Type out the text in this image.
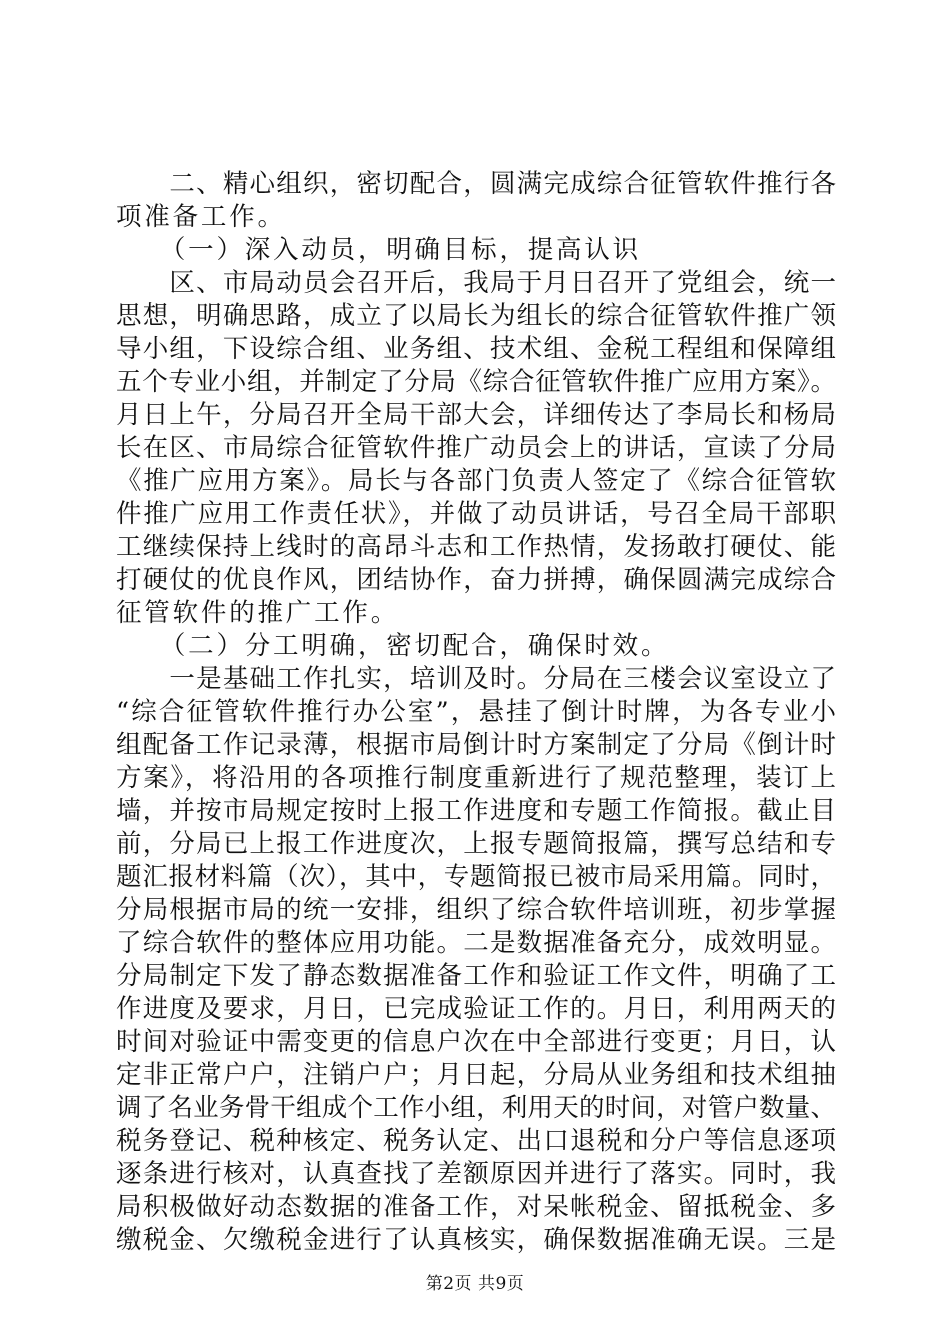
　　二、精心组织，密切配合，圆满完成综合征管软件推行各
项准备工作。
　　（一）深入动员，明确目标，提高认识
　　区、市局动员会召开后，我局于月日召开了党组会，统一
思想，明确思路，成立了以局长为组长的综合征管软件推广领
导小组，下设综合组、业务组、技术组、金税工程组和保障组
五个专业小组，并制定了分局《综合征管软件推广应用方案》。
月日上午，分局召开全局干部大会，详细传达了李局长和杨局
长在区、市局综合征管软件推广动员会上的讲话，宣读了分局
《推广应用方案》。局长与各部门负责人签定了《综合征管软
件推广应用工作责任状》，并做了动员讲话，号召全局干部职
工继续保持上线时的高昂斗志和工作热情，发扬敢打硬仗、能
打硬仗的优良作风，团结协作，奋力拼搏，确保圆满完成综合
征管软件的推广工作。
　　（二）分工明确，密切配合，确保时效。
　　一是基础工作扎实，培训及时。分局在三楼会议室设立了
“综合征管软件推行办公室”，悬挂了倒计时牌，为各专业小
组配备工作记录薄，根据市局倒计时方案制定了分局《倒计时
方案》，将沿用的各项推行制度重新进行了规范整理，装订上
墙，并按市局规定按时上报工作进度和专题工作简报。截止目
前，分局已上报工作进度次，上报专题简报篇，撰写总结和专
题汇报材料篇（次），其中，专题简报已被市局采用篇。同时，
分局根据市局的统一安排，组织了综合软件培训班，初步掌握
了综合软件的整体应用功能。二是数据准备充分，成效明显。
分局制定下发了静态数据准备工作和验证工作文件，明确了工
作进度及要求，月日，已完成验证工作的。月日，利用两天的
时间对验证中需变更的信息户次在中全部进行变更；月日，认
定非正常户户，注销户户；月日起，分局从业务组和技术组抽
调了名业务骨干组成个工作小组，利用天的时间，对管户数量、
税务登记、税种核定、税务认定、出口退税和分户等信息逐项
逐条进行核对，认真查找了差额原因并进行了落实。同时，我
局积极做好动态数据的准备工作，对呆帐税金、留抵税金、多
缴税金、欠缴税金进行了认真核实，确保数据准确无误。三是
第2页 共9页
